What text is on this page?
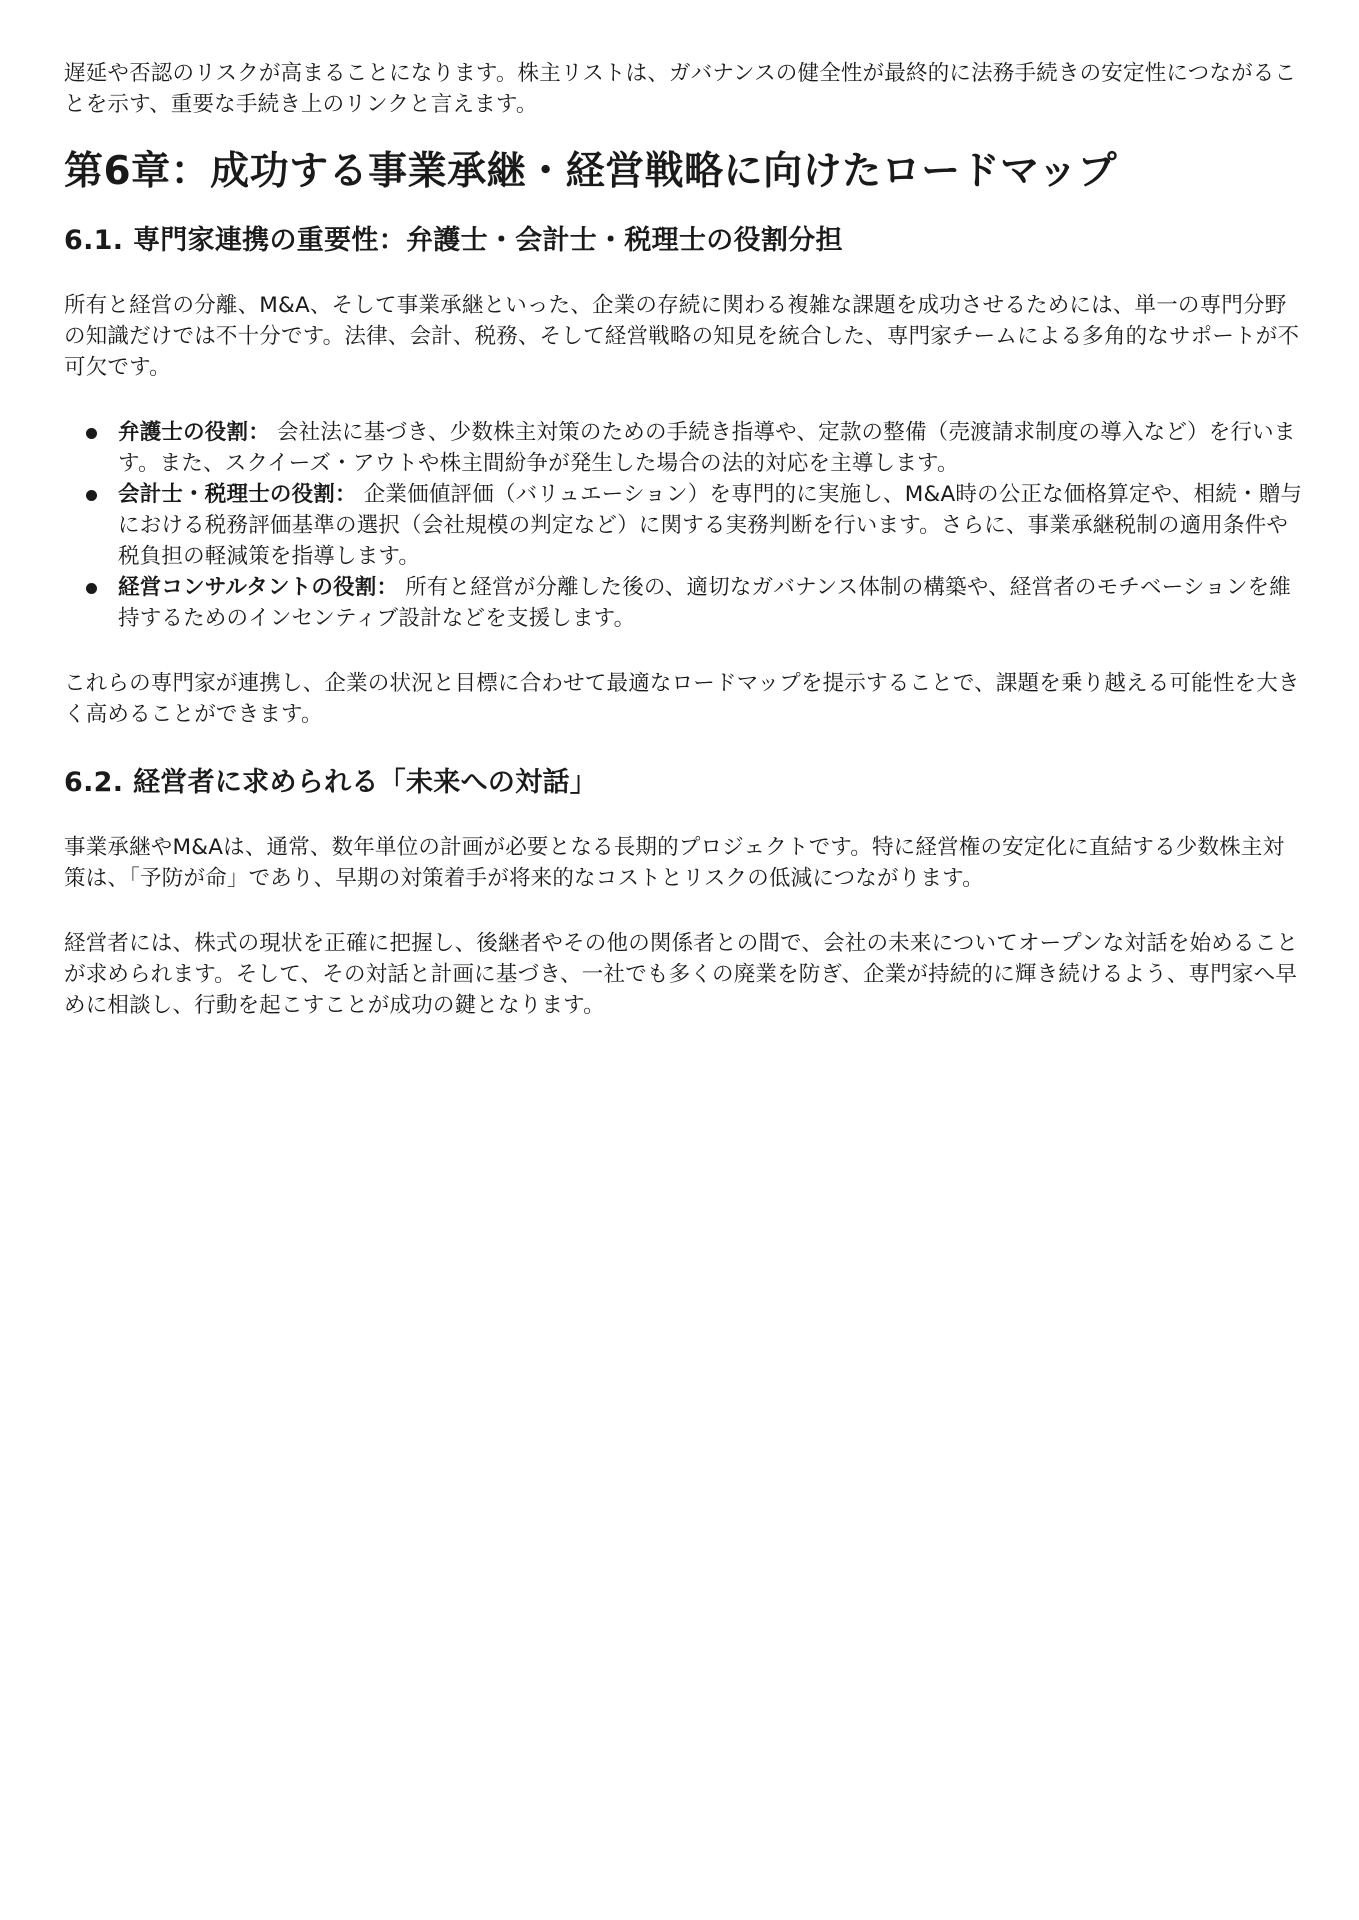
遅延や否認のリスクが高まることになります。株主リストは、ガバナンスの健全性が最終的に法務手続きの安定性につながることを示す、重要な手続き上のリンクと言えます。

第6章：成功する事業承継・経営戦略に向けたロードマップ
6.1. 専門家連携の重要性：弁護士・会計士・税理士の役割分担

所有と経営の分離、M&A、そして事業承継といった、企業の存続に関わる複雑な課題を成功させるためには、単一の専門分野の知識だけでは不十分です。法律、会計、税務、そして経営戦略の知見を統合した、専門家チームによる多角的なサポートが不可欠です。

弁護士の役割： 会社法に基づき、少数株主対策のための手続き指導や、定款の整備（売渡請求制度の導入など）を行います。また、スクイーズ・アウトや株主間紛争が発生した場合の法的対応を主導します。
会計士・税理士の役割： 企業価値評価（バリュエーション）を専門的に実施し、M&A時の公正な価格算定や、相続・贈与における税務評価基準の選択（会社規模の判定など）に関する実務判断を行います。さらに、事業承継税制の適用条件や税負担の軽減策を指導します。
経営コンサルタントの役割： 所有と経営が分離した後の、適切なガバナンス体制の構築や、経営者のモチベーションを維持するためのインセンティブ設計などを支援します。

これらの専門家が連携し、企業の状況と目標に合わせて最適なロードマップを提示することで、課題を乗り越える可能性を大きく高めることができます。

6.2. 経営者に求められる「未来への対話」

事業承継やM&Aは、通常、数年単位の計画が必要となる長期的プロジェクトです。特に経営権の安定化に直結する少数株主対策は、「予防が命」であり、早期の対策着手が将来的なコストとリスクの低減につながります。

経営者には、株式の現状を正確に把握し、後継者やその他の関係者との間で、会社の未来についてオープンな対話を始めることが求められます。そして、その対話と計画に基づき、一社でも多くの廃業を防ぎ、企業が持続的に輝き続けるよう、専門家へ早めに相談し、行動を起こすことが成功の鍵となります。
